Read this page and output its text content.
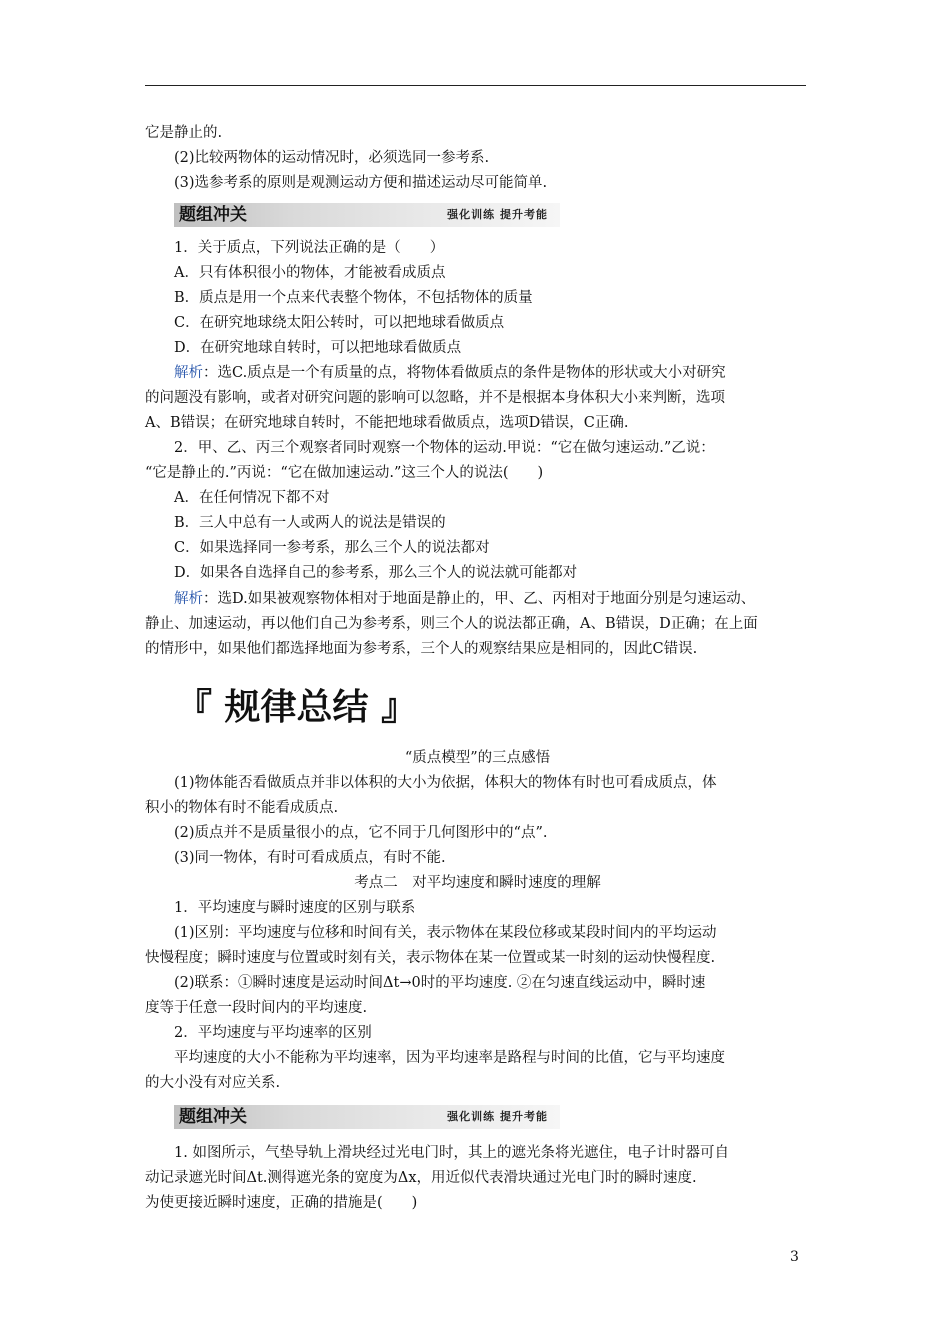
它是静止的.
(2)比较两物体的运动情况时，必须选同一参考系.
(3)选参考系的原则是观测运动方便和描述运动尽可能简单.
题组冲关	强化训练 提升考能
1．关于质点，下列说法正确的是（　　）
A．只有体积很小的物体，才能被看成质点
B．质点是用一个点来代表整个物体，不包括物体的质量
C．在研究地球绕太阳公转时，可以把地球看做质点
D．在研究地球自转时，可以把地球看做质点
解析：选C.质点是一个有质量的点，将物体看做质点的条件是物体的形状或大小对研究
的问题没有影响，或者对研究问题的影响可以忽略，并不是根据本身体积大小来判断，选项
A、B错误；在研究地球自转时，不能把地球看做质点，选项D错误，C正确.
2．甲、乙、丙三个观察者同时观察一个物体的运动.甲说：“它在做匀速运动.”乙说：
“它是静止的.”丙说：“它在做加速运动.”这三个人的说法(　　)
A．在任何情况下都不对
B．三人中总有一人或两人的说法是错误的
C．如果选择同一参考系，那么三个人的说法都对
D．如果各自选择自己的参考系，那么三个人的说法就可能都对
解析：选D.如果被观察物体相对于地面是静止的，甲、乙、丙相对于地面分别是匀速运动、
静止、加速运动，再以他们自己为参考系，则三个人的说法都正确，A、B错误，D正确；在上面
的情形中，如果他们都选择地面为参考系，三个人的观察结果应是相同的，因此C错误.
『 规律总结 』
“质点模型”的三点感悟
(1)物体能否看做质点并非以体积的大小为依据，体积大的物体有时也可看成质点，体
积小的物体有时不能看成质点.
(2)质点并不是质量很小的点，它不同于几何图形中的“点”.
(3)同一物体，有时可看成质点，有时不能.
考点二　对平均速度和瞬时速度的理解
1．平均速度与瞬时速度的区别与联系
(1)区别：平均速度与位移和时间有关，表示物体在某段位移或某段时间内的平均运动
快慢程度；瞬时速度与位置或时刻有关，表示物体在某一位置或某一时刻的运动快慢程度.
(2)联系：①瞬时速度是运动时间Δt→0时的平均速度. ②在匀速直线运动中，瞬时速
度等于任意一段时间内的平均速度.
2．平均速度与平均速率的区别
平均速度的大小不能称为平均速率，因为平均速率是路程与时间的比值，它与平均速度
的大小没有对应关系.
题组冲关	强化训练 提升考能
1. 如图所示，气垫导轨上滑块经过光电门时，其上的遮光条将光遮住，电子计时器可自
动记录遮光时间Δt.测得遮光条的宽度为Δx，用近似代表滑块通过光电门时的瞬时速度.
为使更接近瞬时速度，正确的措施是(　　)
3
